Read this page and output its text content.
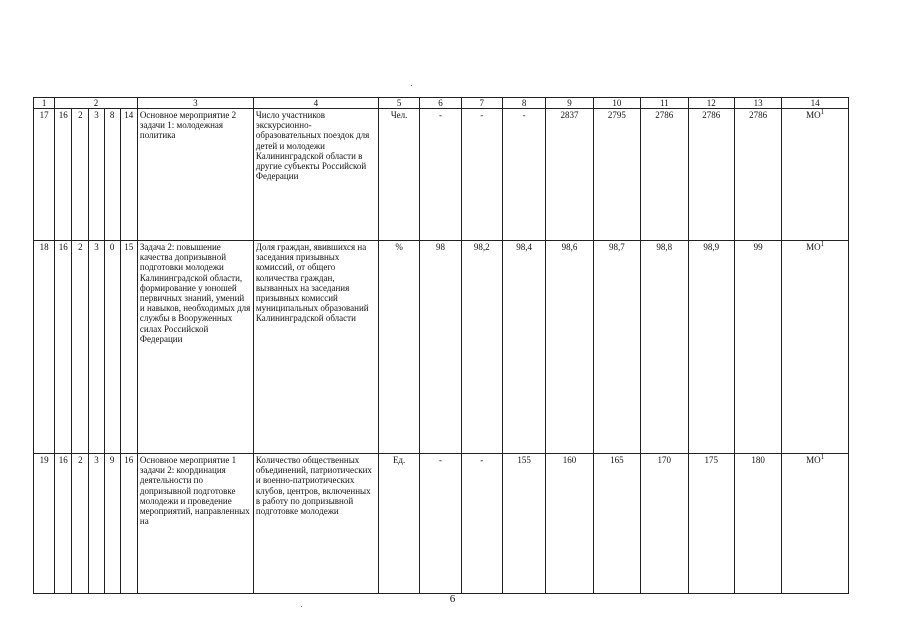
1	2					3	4	5	6	7	8	9	10	11	12	13	14
17	16	2	3	8	14	Основное мероприятие 2 задачи 1: молодежная политика	Число участников экскурсионно-образовательных поездок для детей и молодежи Калининградской области в другие субъекты Российской Федерации	Чел.	-	-	-	2837	2795	2786	2786	2786	$МО^1$
18	16	2	3	0	15	Задача 2: повышение качества допризывной подготовки молодежи Калининградской области, формирование у юношей первичных знаний, умений и навыков, необходимых для службы в Вооруженных силах Российской Федерации	Доля граждан, явившихся на заседания призывных комиссий, от общего количества граждан, вызванных на заседания призывных комиссий муниципальных образований Калининградской области	%	98	98,2	98,4	98,6	98,7	98,8	98,9	99	$МО^1$
19	16	2	3	9	16	Основное мероприятие 1 задачи 2: координация деятельности по допризывной подготовке молодежи и проведение мероприятий, направленных на	Количество общественных объединений, патриотических и военно-патриотических клубов, центров, включенных в работу по допризывной подготовке молодежи	Ед.	-	-	155	160	165	170	175	180	$МО^1$
6
